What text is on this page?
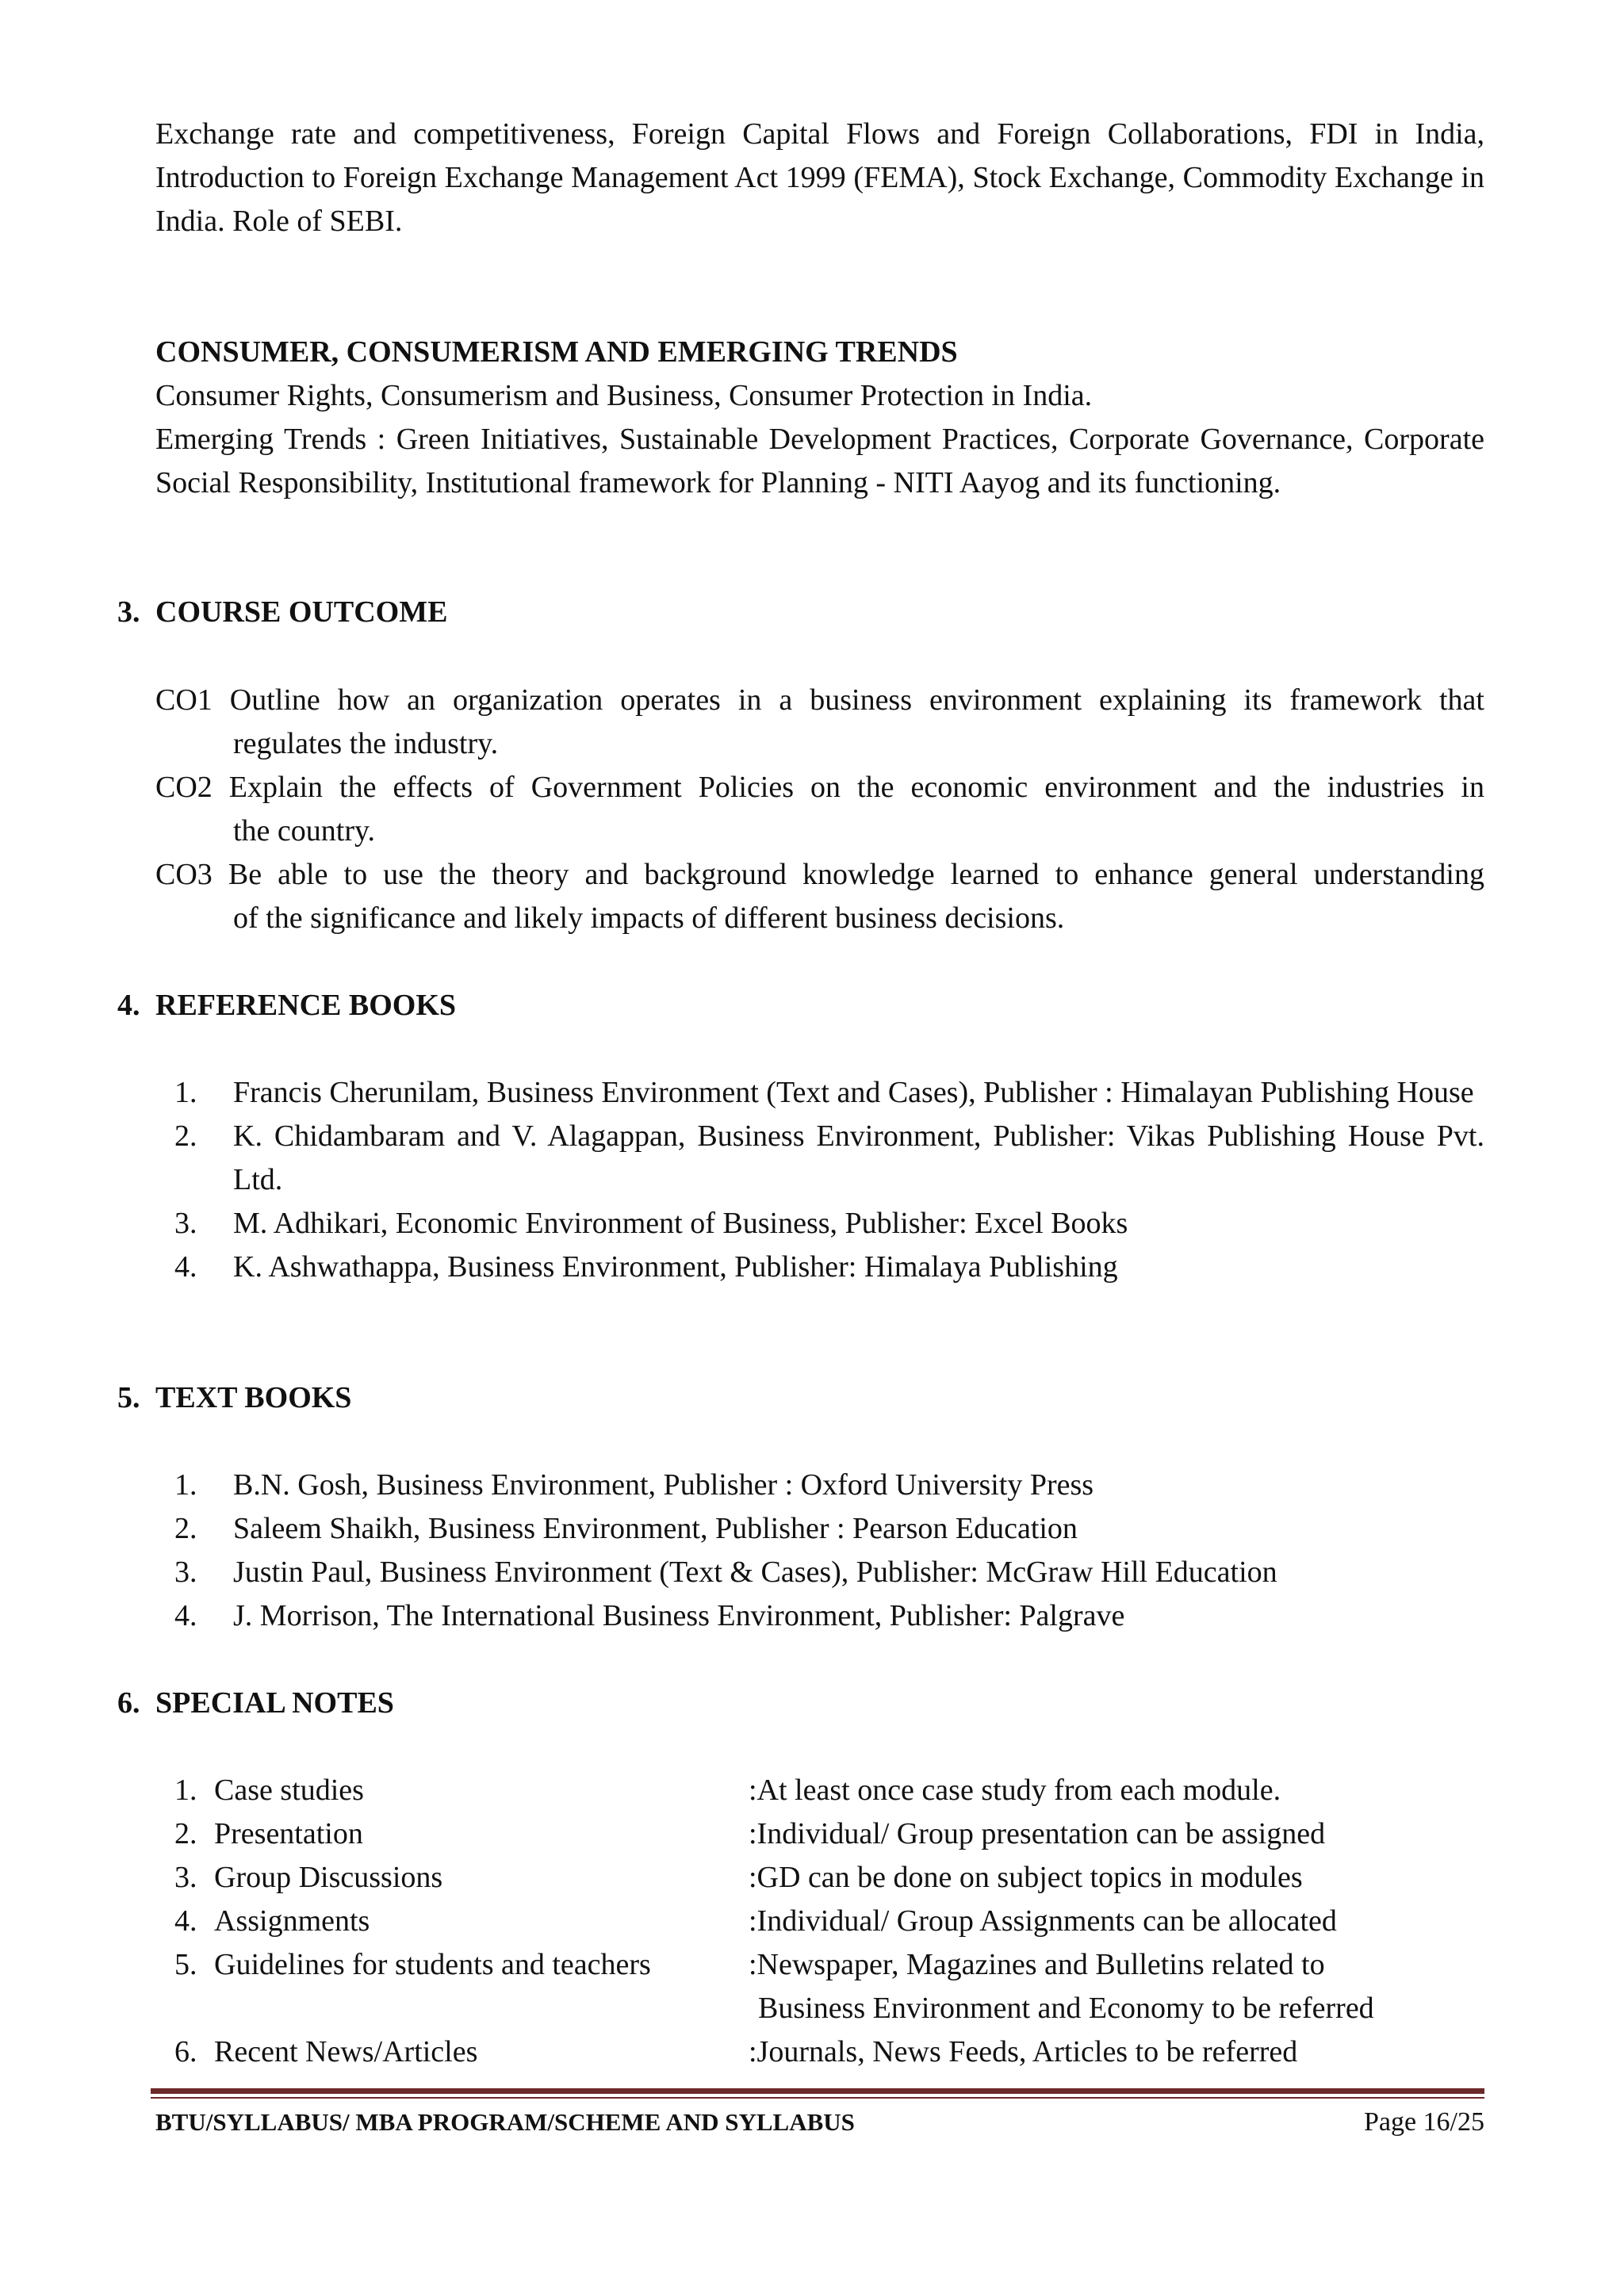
Exchange rate and competitiveness, Foreign Capital Flows and Foreign Collaborations, FDI in India, Introduction to Foreign Exchange Management Act 1999 (FEMA), Stock Exchange, Commodity Exchange in India. Role of SEBI.
CONSUMER, CONSUMERISM AND EMERGING TRENDS
Consumer Rights, Consumerism and Business, Consumer Protection in India.
Emerging Trends : Green Initiatives, Sustainable Development Practices, Corporate Governance, Corporate Social Responsibility, Institutional framework for Planning - NITI Aayog and its functioning.
3. COURSE OUTCOME
CO1 Outline how an organization operates in a business environment explaining its framework that
regulates the industry.
CO2 Explain the effects of Government Policies on the economic environment and the industries in
the country.
CO3 Be able to use the theory and background knowledge learned to enhance general understanding
of the significance and likely impacts of different business decisions.
4. REFERENCE BOOKS
1. Francis Cherunilam, Business Environment (Text and Cases), Publisher : Himalayan Publishing House
2. K. Chidambaram and V. Alagappan, Business Environment, Publisher: Vikas Publishing House Pvt. Ltd.
3. M. Adhikari, Economic Environment of Business, Publisher: Excel Books
4. K. Ashwathappa, Business Environment, Publisher: Himalaya Publishing
5. TEXT BOOKS
1. B.N. Gosh, Business Environment, Publisher : Oxford University Press
2. Saleem Shaikh, Business Environment, Publisher : Pearson Education
3. Justin Paul, Business Environment (Text & Cases), Publisher: McGraw Hill Education
4. J. Morrison, The International Business Environment, Publisher: Palgrave
6. SPECIAL NOTES
1. Case studies	:At least once case study from each module.
2. Presentation	:Individual/ Group presentation can be assigned
3. Group Discussions	:GD can be done on subject topics in modules
4. Assignments	:Individual/ Group Assignments can be allocated
5. Guidelines for students and teachers	:Newspaper, Magazines and Bulletins related to
Business Environment and Economy to be referred
6. Recent News/Articles	:Journals, News Feeds, Articles to be referred
BTU/SYLLABUS/ MBA PROGRAM/SCHEME AND SYLLABUS	Page 16/25
